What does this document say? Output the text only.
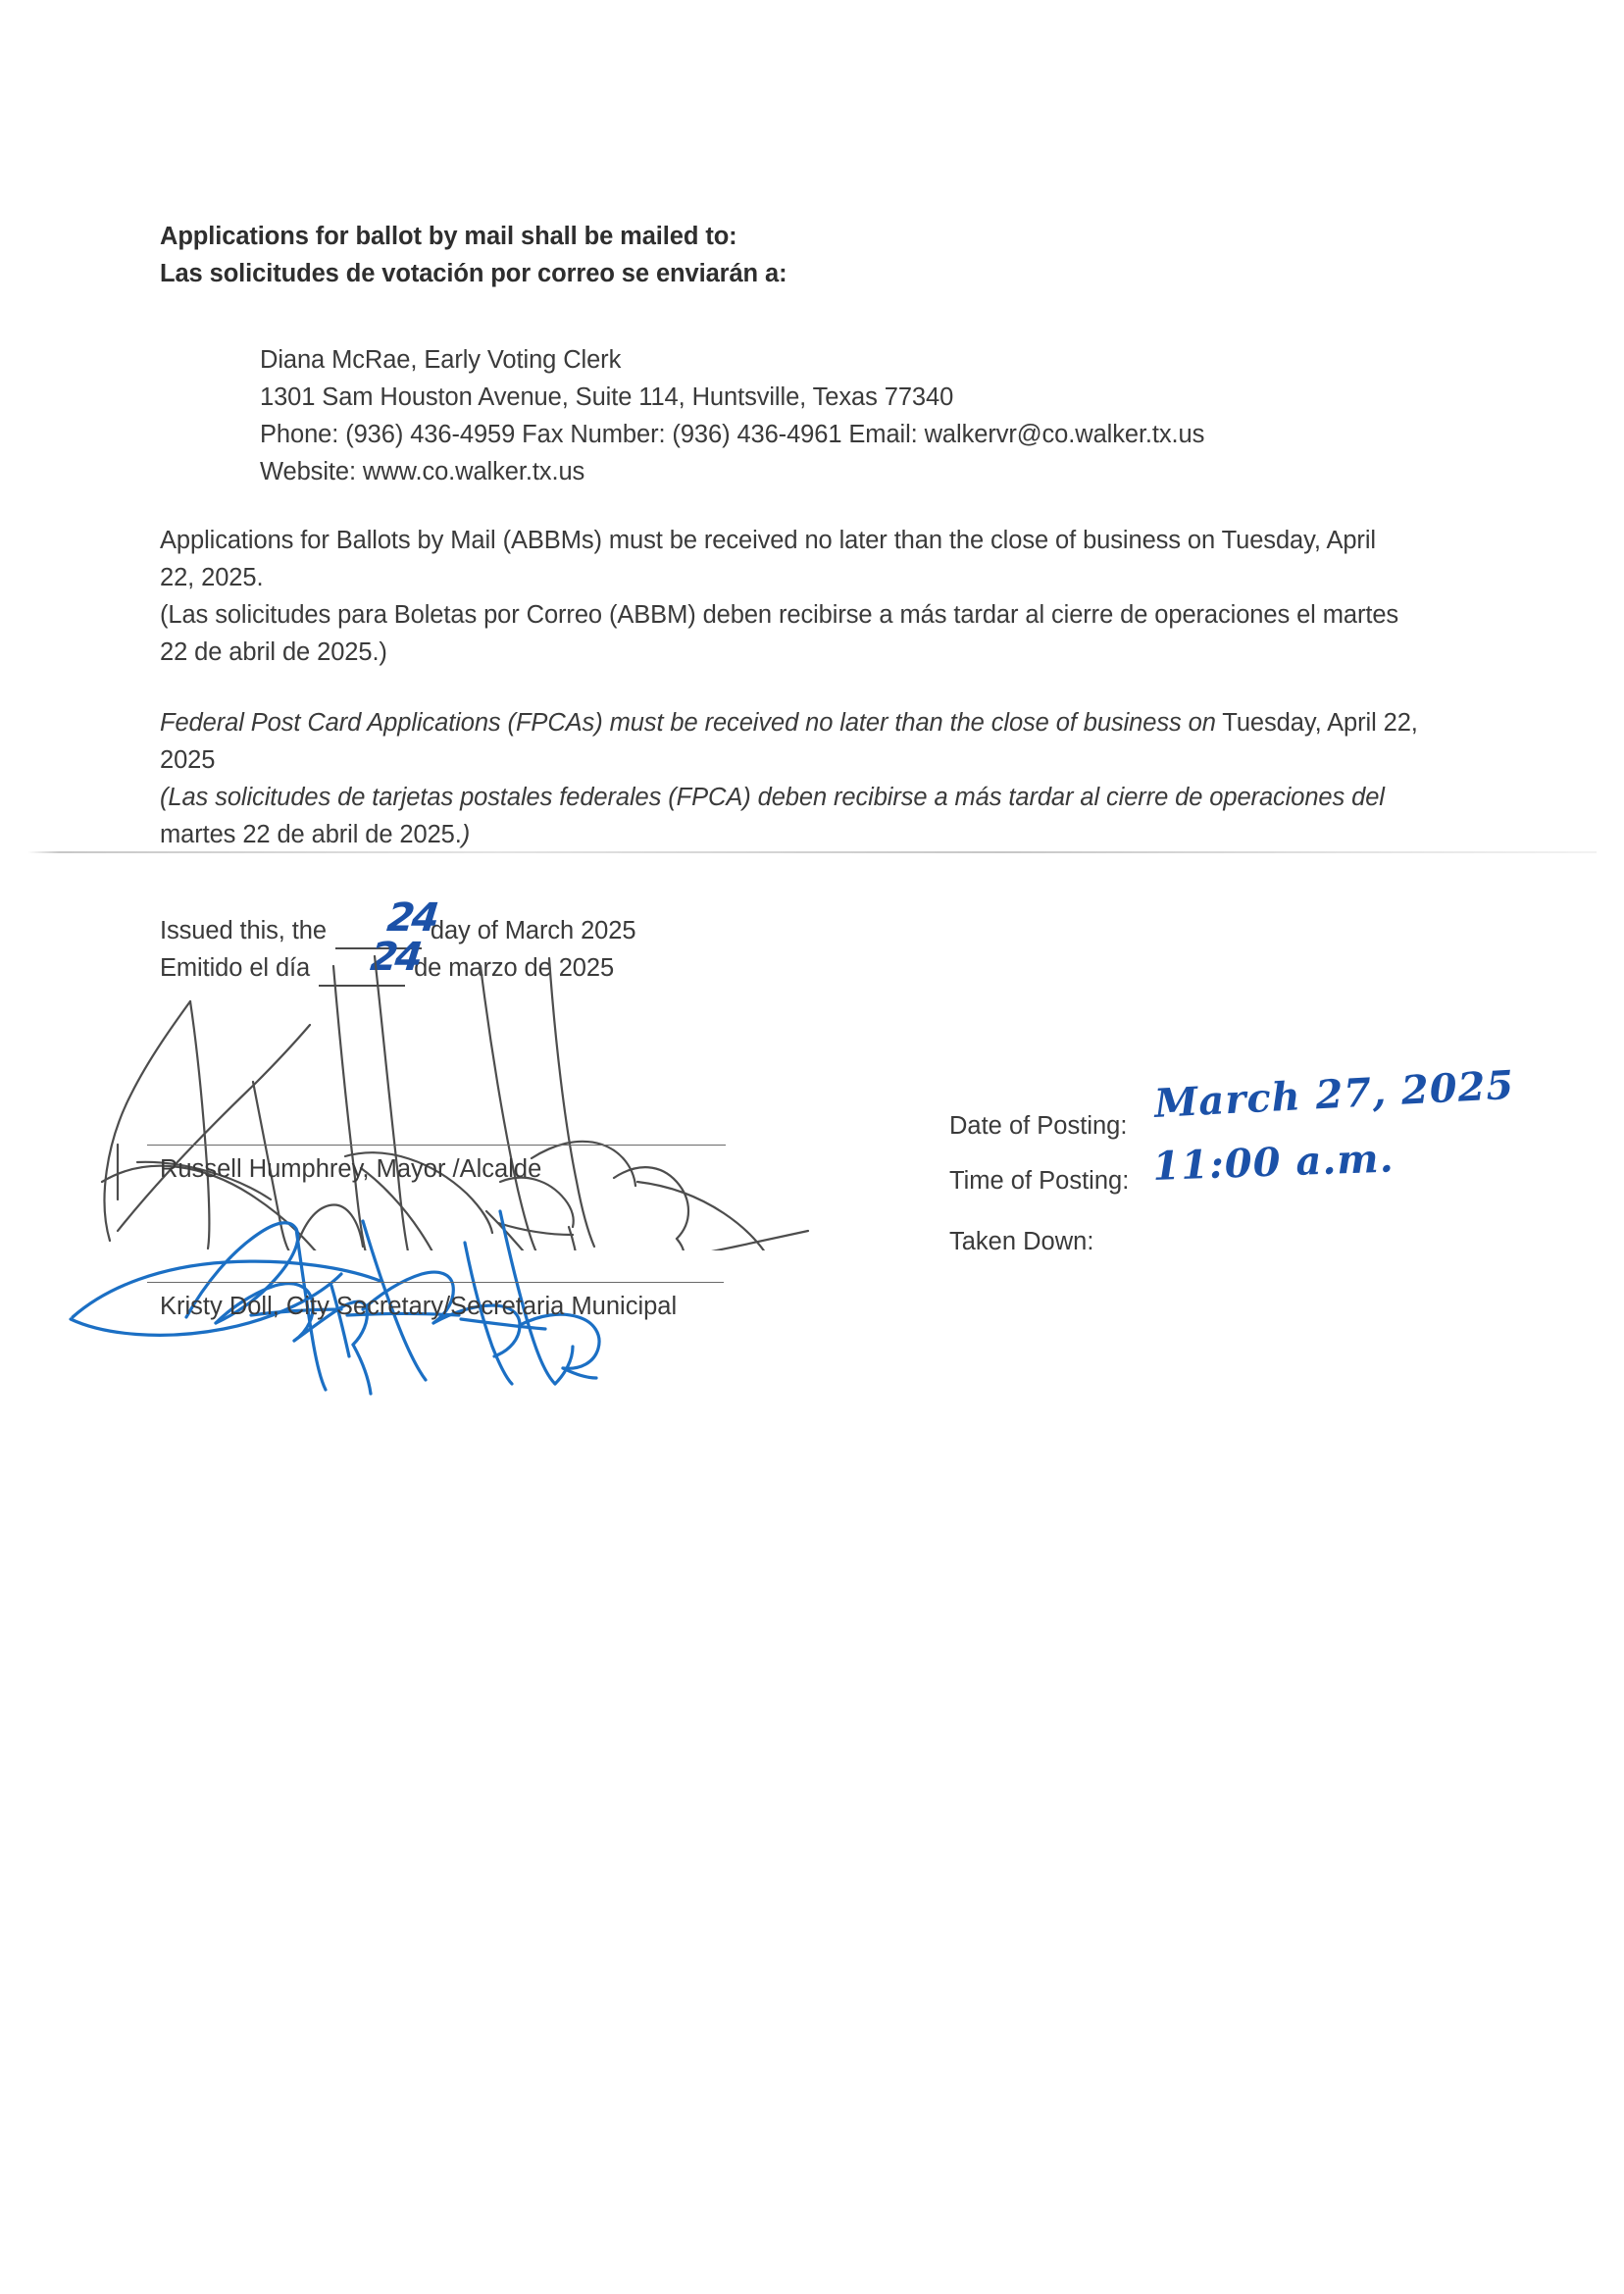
Applications for ballot by mail shall be mailed to:
Las solicitudes de votación por correo se enviarán a:
Diana McRae, Early Voting Clerk
1301 Sam Houston Avenue, Suite 114, Huntsville, Texas 77340
Phone: (936) 436-4959 Fax Number: (936) 436-4961 Email: walkervr@co.walker.tx.us
Website: www.co.walker.tx.us
Applications for Ballots by Mail (ABBMs) must be received no later than the close of business on Tuesday, April
22, 2025.
(Las solicitudes para Boletas por Correo (ABBM) deben recibirse a más tardar al cierre de operaciones el martes
22 de abril de 2025.)
Federal Post Card Applications (FPCAs) must be received no later than the close of business on Tuesday, April 22,
2025
(Las solicitudes de tarjetas postales federales (FPCA) deben recibirse a más tardar al cierre de operaciones del
martes 22 de abril de 2025.)
Issued this, the	day of March 2025
24
Emitido el día	de marzo de 2025
24
Russell Humphrey, Mayor /Alcalde
Kristy Doll, City Secretary/Secretaria Municipal
Date of Posting: March 27, 2025
Time of Posting: 11:00 a.m.
Taken Down:
